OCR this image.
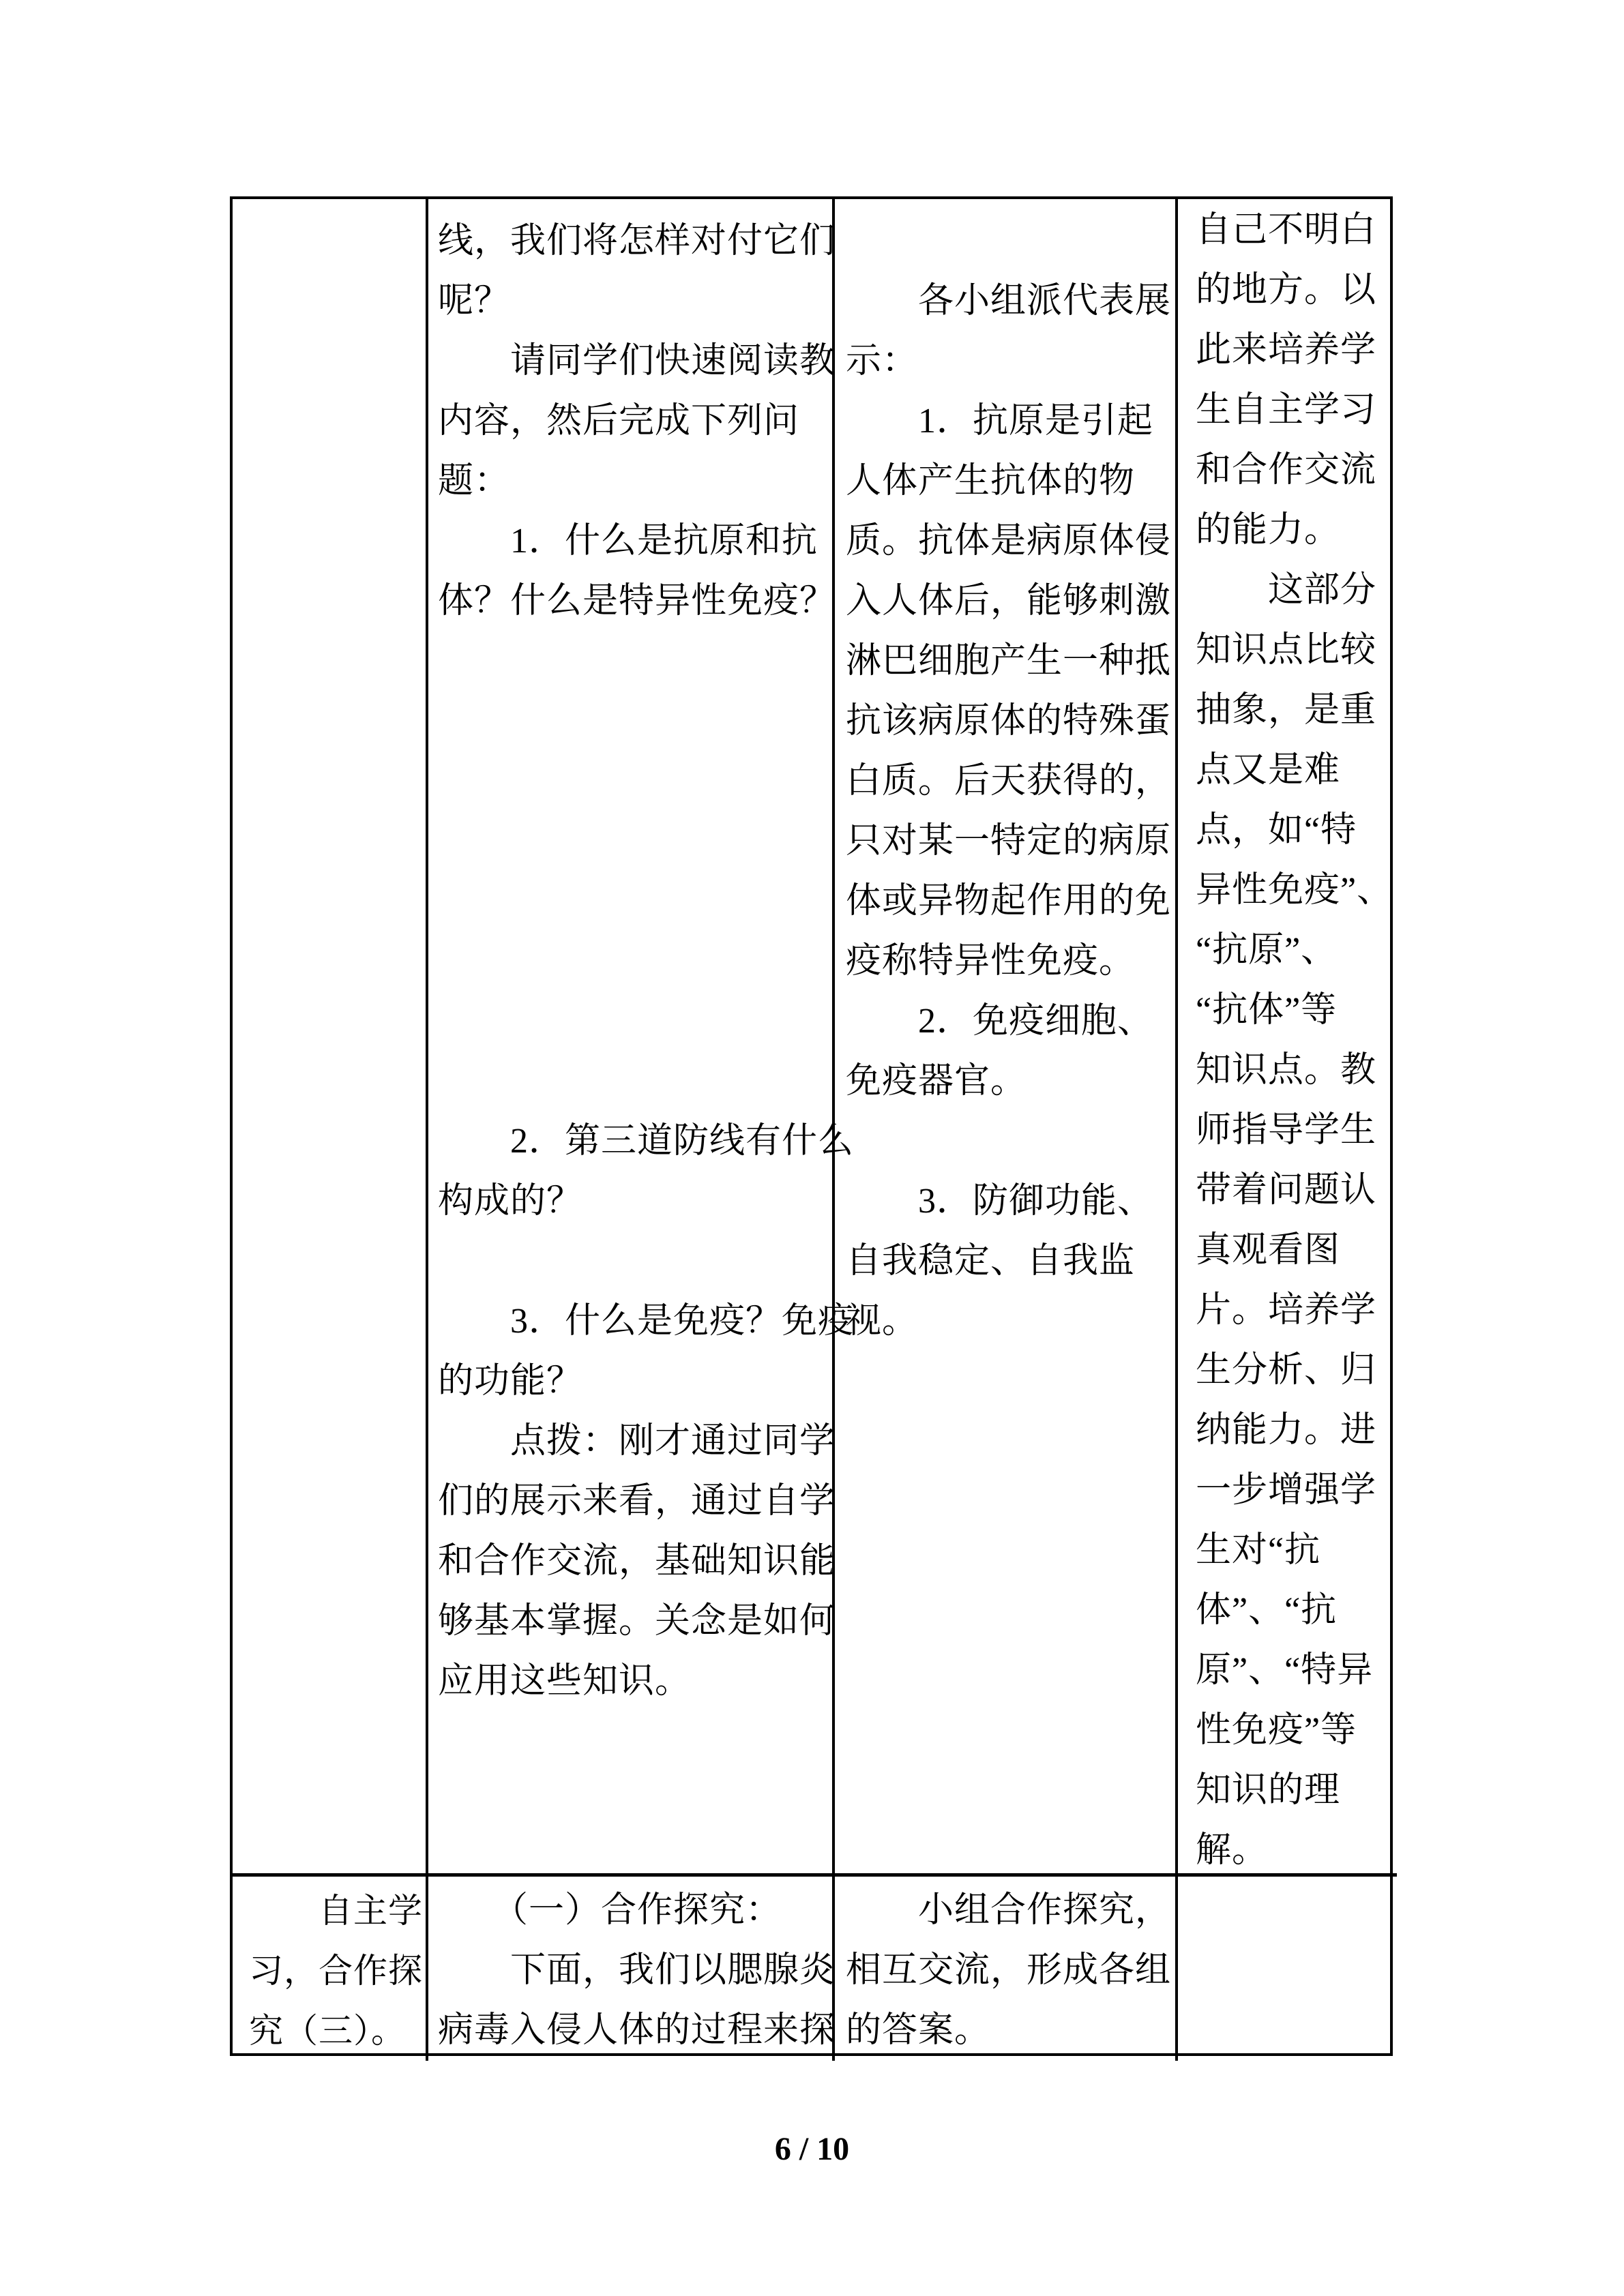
线，我们将怎样对付它们
呢？
　　请同学们快速阅读教
内容，然后完成下列问
题：
　　1．什么是抗原和抗
体？什么是特异性免疫？
　　2．第三道防线有什么
构成的？
　　3．什么是免疫？免疫
的功能？
　　点拨：刚才通过同学
们的展示来看，通过自学
和合作交流，基础知识能
够基本掌握。关念是如何
应用这些知识。
　　各小组派代表展
示：
　　1．抗原是引起
人体产生抗体的物
质。抗体是病原体侵
入人体后，能够刺激
淋巴细胞产生一种抵
抗该病原体的特殊蛋
白质。后天获得的，
只对某一特定的病原
体或异物起作用的免
疫称特异性免疫。
　　2．免疫细胞、
免疫器官。
　　3．防御功能、
自我稳定、自我监
视。
自己不明白
的地方。以
此来培养学
生自主学习
和合作交流
的能力。
　　这部分
知识点比较
抽象，是重
点又是难
点，如“特
异性免疫”、
“抗原”、
“抗体”等
知识点。教
师指导学生
带着问题认
真观看图
片。培养学
生分析、归
纳能力。进
一步增强学
生对“抗
体”、“抗
原”、“特异
性免疫”等
知识的理
解。
　　自主学
习，合作探
究（三）。
　　（一）合作探究：
　　下面，我们以腮腺炎
病毒入侵人体的过程来探
　　小组合作探究，
相互交流，形成各组
的答案。
6 / 10
